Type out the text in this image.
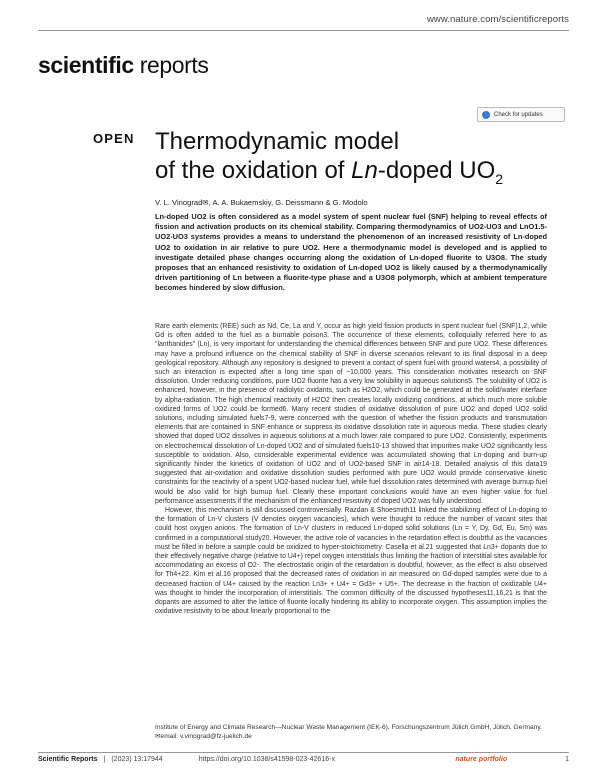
www.nature.com/scientificreports
scientific reports
Check for updates
OPEN Thermodynamic model
of the oxidation of Ln-doped $UO_2$
V. L. Vinograd✉, A. A. Bukaemskiy, G. Deissmann & G. Modolo
Ln-doped UO2 is often considered as a model system of spent nuclear fuel (SNF) helping to reveal effects of fission and activation products on its chemical stability. Comparing thermodynamics of UO2-UO3 and LnO1.5-UO2-UO3 systems provides a means to understand the phenomenon of an increased resistivity of Ln-doped UO2 to oxidation in air relative to pure UO2. Here a thermodynamic model is developed and is applied to investigate detailed phase changes occurring along the oxidation of Ln-doped fluorite to U3O8. The study proposes that an enhanced resistivity to oxidation of Ln-doped UO2 is likely caused by a thermodynamically driven partitioning of Ln between a fluorite-type phase and a U3O8 polymorph, which at ambient temperature becomes hindered by slow diffusion.

Rare earth elements (REE) such as Nd, Ce, La and Y, occur as high yield fission products in spent nuclear fuel (SNF)1,2, while Gd is often added to the fuel as a burnable poison3. The occurrence of these elements, colloquially referred here to as "lanthanides" (Ln), is very important for understanding the chemical differences between SNF and pure UO2. These differences may have a profound influence on the chemical stability of SNF in diverse scenarios relevant to its final disposal in a deep geological repository. Although any repository is designed to prevent a contact of spent fuel with ground waters4, a possibility of such an interaction is expected after a long time span of ~10,000 years. This consideration motivates research on SNF dissolution. Under reducing conditions, pure UO2 fluorite has a very low solubility in aqueous solutions5. The solubility of UO2 is enhanced, however, in the presence of radiolytic oxidants, such as H2O2, which could be generated at the solid/water interface by alpha-radiation. The high chemical reactivity of H2O2 then creates locally oxidizing conditions, at which much more soluble oxidized forms of UO2 could be formed6. Many recent studies of oxidative dissolution of pure UO2 and doped UO2 solid solutions, including simulated fuels7-9, were concerned with the question of whether the fission products and transmutation elements that are contained in SNF enhance or suppress its oxidative dissolution rate in aqueous media. These studies clearly showed that doped UO2 dissolves in aqueous solutions at a much lower rate compared to pure UO2. Consistently, experiments on electrochemical dissolution of Ln-doped UO2 and of simulated fuels10-13 showed that impurities make UO2 significantly less susceptible to oxidation. Also, considerable experimental evidence was accumulated showing that Ln-doping and burn-up significantly hinder the kinetics of oxidation of UO2 and of UO2-based SNF in air14-18. Detailed analysis of this data19 suggested that air-oxidation and oxidative dissolution studies performed with pure UO2 would provide conservative kinetic constraints for the reactivity of a spent UO2-based nuclear fuel, while fuel dissolution rates determined with average burnup fuel would be also valid for high burnup fuel. Clearly these important conclusions would have an even higher value for fuel performance assessments if the mechanism of the enhanced resistivity of doped UO2 was fully understood.

However, this mechanism is still discussed controversially. Razdan & Shoesmith11 linked the stabilizing effect of Ln-doping to the formation of Ln-V clusters (V denotes oxygen vacancies), which were thought to reduce the number of vacant sites that could host oxygen anions. The formation of Ln-V clusters in reduced Ln-doped solid solutions (Ln = Y, Dy, Gd, Eu, Sm) was confirmed in a computational study20. However, the active role of vacancies in the retardation effect is doubtful as the vacancies must be filled in before a sample could be oxidized to hyper-stoichiometry. Casella et al.21 suggested that Ln3+ dopants due to their effectively negative charge (relative to U4+) repel oxygen interstitials thus limiting the fraction of interstitial sites available for accommodating an excess of O2-. The electrostatic origin of the retardation is doubtful, however, as the effect is also observed for Th4+22. Kim et al.16 proposed that the decreased rates of oxidation in air measured on Gd-doped samples were due to a decreased fraction of U4+ caused by the reaction Ln3+ + U4+ = Gd3+ + U5+. The decrease in the fraction of oxidizable U4+ was thought to hinder the incorporation of interstitials. The common difficulty of the discussed hypotheses11,16,21 is that the dopants are assumed to alter the lattice of fluorite locally hindering its ability to incorporate oxygen. This assumption implies the oxidative resistivity to be about linearly proportional to the

Institute of Energy and Climate Research—Nuclear Waste Management (IEK-6), Forschungszentrum Jülich GmbH, Jülich, Germany. ✉email: v.vinograd@fz-juelich.de
Scientific Reports | (2023) 13:17944	https://doi.org/10.1038/s41598-023-42616-x	nature portfolio	1
